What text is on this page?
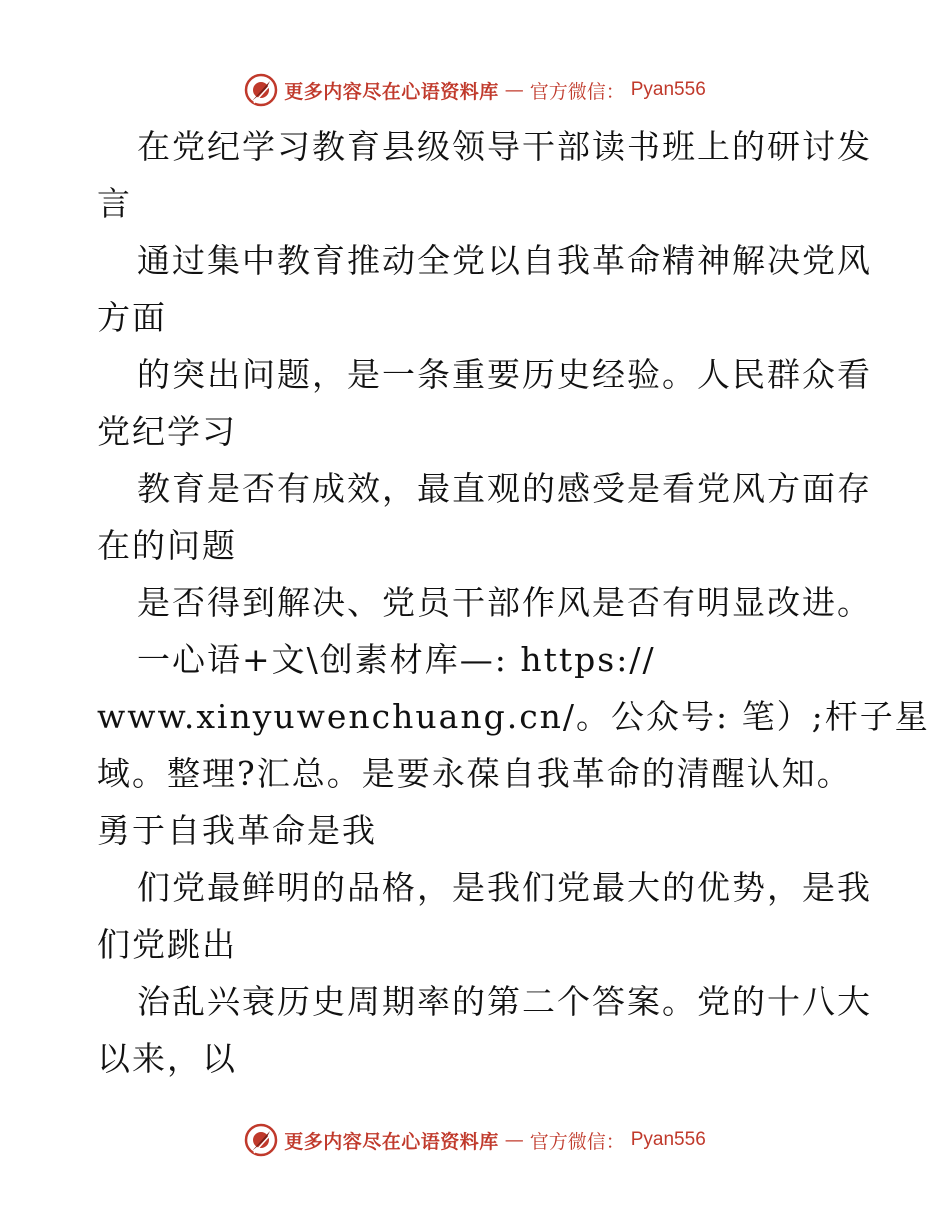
更多内容尽在心语资料库 — 官方微信： Pyan556
在党纪学习教育县级领导干部读书班上的研讨发
言
通过集中教育推动全党以自我革命精神解决党风
方面
的突出问题，是一条重要历史经验。人民群众看
党纪学习
教育是否有成效，最直观的感受是看党风方面存
在的问题
是否得到解决、党员干部作风是否有明显改进。
一心语+文\创素材库—: https://
www.xinyuwenchuang.cn/。公众号: 笔）;杆子星
域。整理?汇总。是要永葆自我革命的清醒认知。
勇于自我革命是我
们党最鲜明的品格，是我们党最大的优势，是我
们党跳出
治乱兴衰历史周期率的第二个答案。党的十八大
以来，以
更多内容尽在心语资料库 — 官方微信： Pyan556
